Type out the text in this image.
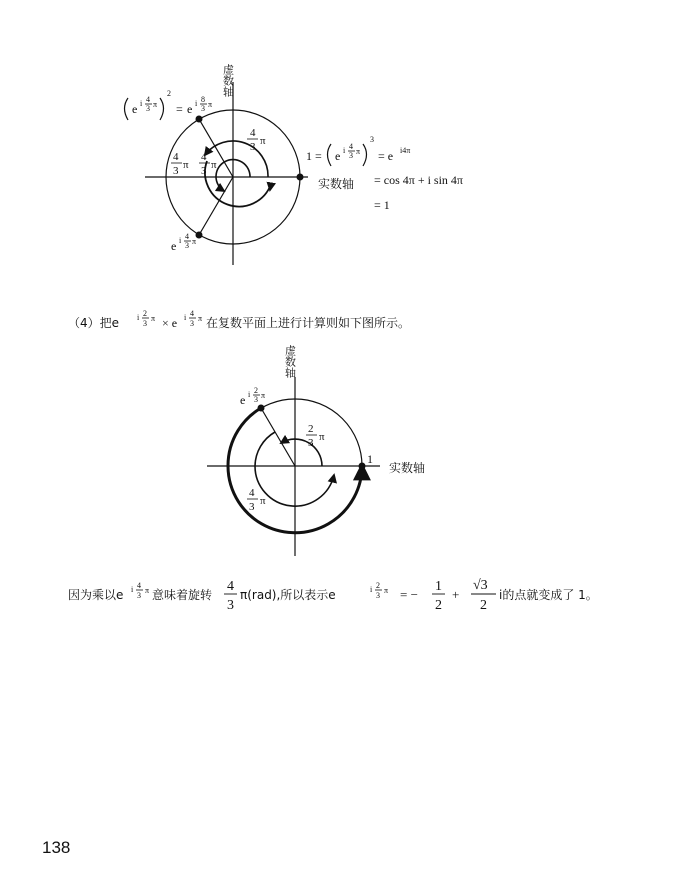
虚数轴
实数轴
e i 4
3 π
2
= e i 8
3 π
4
3 π
4
3 π
4
3 π
e i 4
3 π
1 = e i 4
3 π
3
= e i4π
= cos 4π + i sin 4π
= 1
（4）把e i 2
3
π × e i 4
3
π 在复数平面上进行计算则如下图所示。
虚数轴
实数轴
1
e i 2
3 π
2
3 π
4
3 π
因为乘以e i 4
3
π 意味着旋转
4
3
π(rad),所以表示e	i 2
3
π = −
1
2
+
√3
2
i的点就变成了 1。
138
